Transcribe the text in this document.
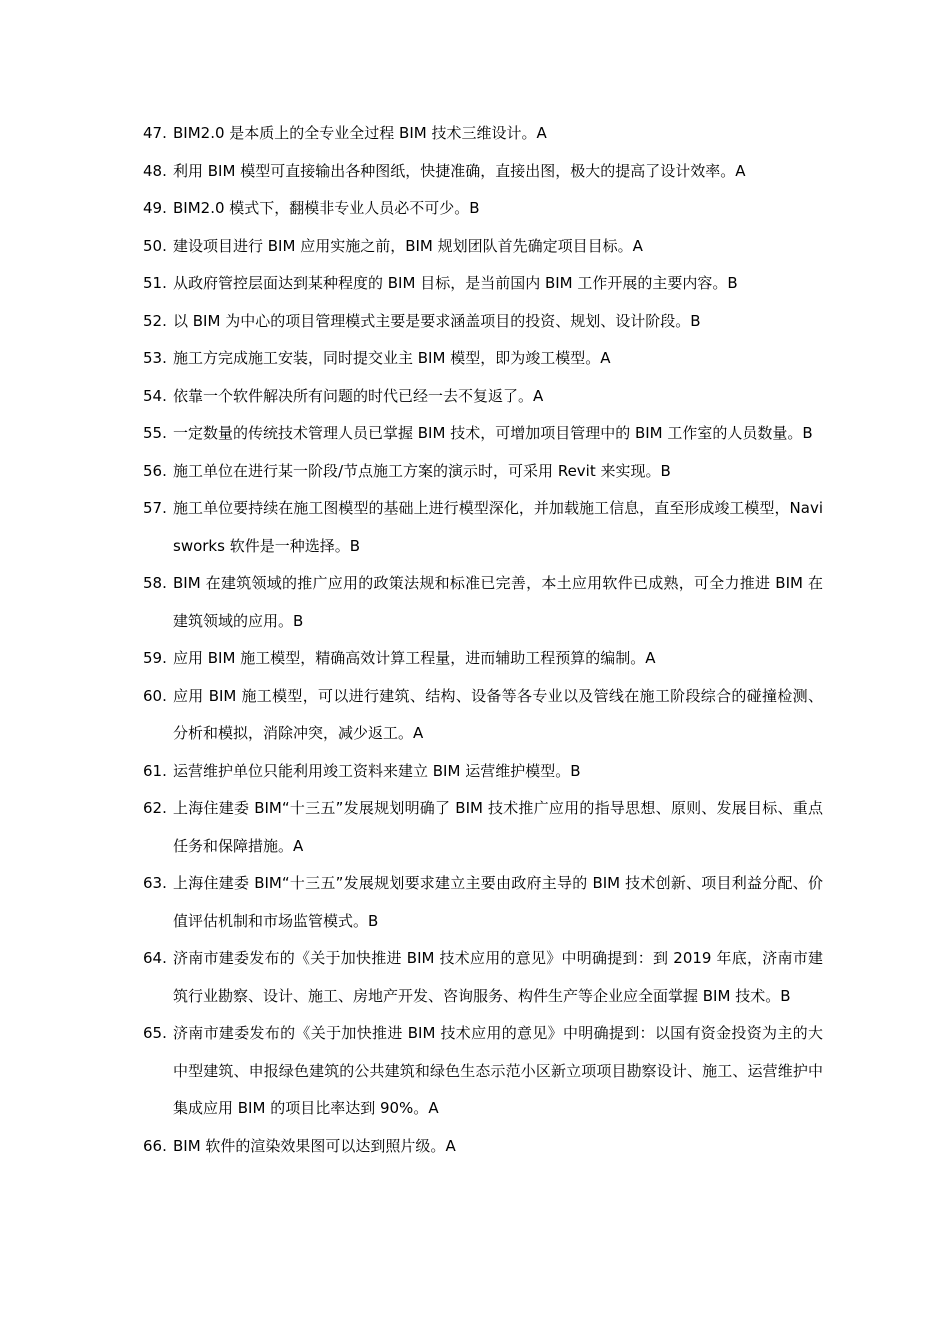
47. BIM2.0 是本质上的全专业全过程 BIM 技术三维设计。A
48. 利用 BIM 模型可直接输出各种图纸，快捷准确，直接出图，极大的提高了设计效率。A
49. BIM2.0 模式下，翻模非专业人员必不可少。B
50. 建设项目进行 BIM 应用实施之前，BIM 规划团队首先确定项目目标。A
51. 从政府管控层面达到某种程度的 BIM 目标，是当前国内 BIM 工作开展的主要内容。B
52. 以 BIM 为中心的项目管理模式主要是要求涵盖项目的投资、规划、设计阶段。B
53. 施工方完成施工安装，同时提交业主 BIM 模型，即为竣工模型。A
54. 依靠一个软件解决所有问题的时代已经一去不复返了。A
55. 一定数量的传统技术管理人员已掌握 BIM 技术，可增加项目管理中的 BIM 工作室的人员数量。B
56. 施工单位在进行某一阶段/节点施工方案的演示时，可采用 Revit 来实现。B
57. 施工单位要持续在施工图模型的基础上进行模型深化，并加载施工信息，直至形成竣工模型，Navisworks 软件是一种选择。B
58. BIM 在建筑领域的推广应用的政策法规和标准已完善，本土应用软件已成熟，可全力推进 BIM 在建筑领域的应用。B
59. 应用 BIM 施工模型，精确高效计算工程量，进而辅助工程预算的编制。A
60. 应用 BIM 施工模型，可以进行建筑、结构、设备等各专业以及管线在施工阶段综合的碰撞检测、分析和模拟，消除冲突，减少返工。A
61. 运营维护单位只能利用竣工资料来建立 BIM 运营维护模型。B
62. 上海住建委 BIM“十三五”发展规划明确了 BIM 技术推广应用的指导思想、原则、发展目标、重点任务和保障措施。A
63. 上海住建委 BIM“十三五”发展规划要求建立主要由政府主导的 BIM 技术创新、项目利益分配、价值评估机制和市场监管模式。B
64. 济南市建委发布的《关于加快推进 BIM 技术应用的意见》中明确提到：到 2019 年底，济南市建筑行业勘察、设计、施工、房地产开发、咨询服务、构件生产等企业应全面掌握 BIM 技术。B
65. 济南市建委发布的《关于加快推进 BIM 技术应用的意见》中明确提到：以国有资金投资为主的大中型建筑、申报绿色建筑的公共建筑和绿色生态示范小区新立项项目勘察设计、施工、运营维护中集成应用 BIM 的项目比率达到 90%。A
66. BIM 软件的渲染效果图可以达到照片级。A
